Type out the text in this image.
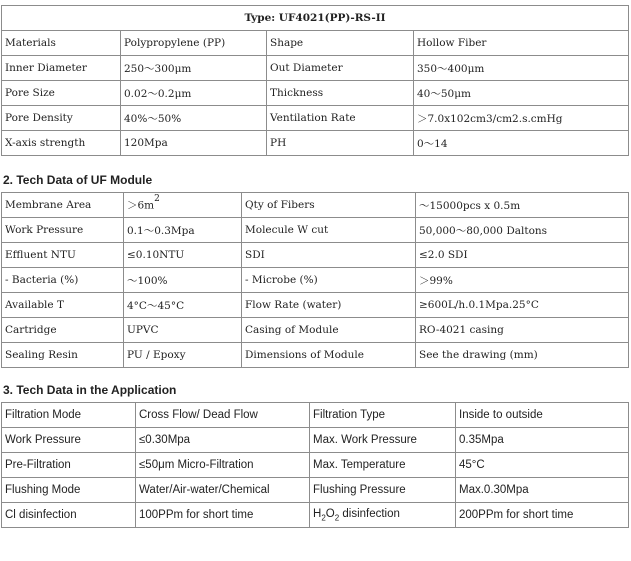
Type: UF4021(PP)-RS-II			
Materials	Polypropylene (PP)	Shape	Hollow Fiber
Inner Diameter	250～300μm	Out Diameter	350～400μm
Pore Size	0.02～0.2μm	Thickness	40～50μm
Pore Density	40%～50%	Ventilation Rate	＞7.0x102cm3/cm2.s.cmHg
X-axis strength	120Mpa	PH	0～14
2. Tech Data of UF Module
Membrane Area	$>6m^2$	Qty of Fibers	～15000pcs x 0.5m
Work Pressure	0.1～0.3Mpa	Molecule W cut	50,000～80,000 Daltons
Effluent NTU	≤0.10NTU	SDI	≤2.0 SDI
- Bacteria (%)	～100%	- Microbe (%)	＞99%
Available T	4°C～45°C	Flow Rate (water)	≥600L/h.0.1Mpa.25°C
Cartridge	UPVC	Casing of Module	RO-4021 casing
Sealing Resin	PU / Epoxy	Dimensions of Module	See the drawing (mm)
3. Tech Data in the Application
Filtration Mode	Cross Flow/ Dead Flow	Filtration Type	Inside to outside
Work Pressure	≤0.30Mpa	Max. Work Pressure	0.35Mpa
Pre-Filtration	≤50μm Micro-Filtration	Max. Temperature	45°C
Flushing Mode	Water/Air-water/Chemical	Flushing Pressure	Max.0.30Mpa
Cl disinfection	100PPm for short time	$H_2O_2$ disinfection	200PPm for short time
